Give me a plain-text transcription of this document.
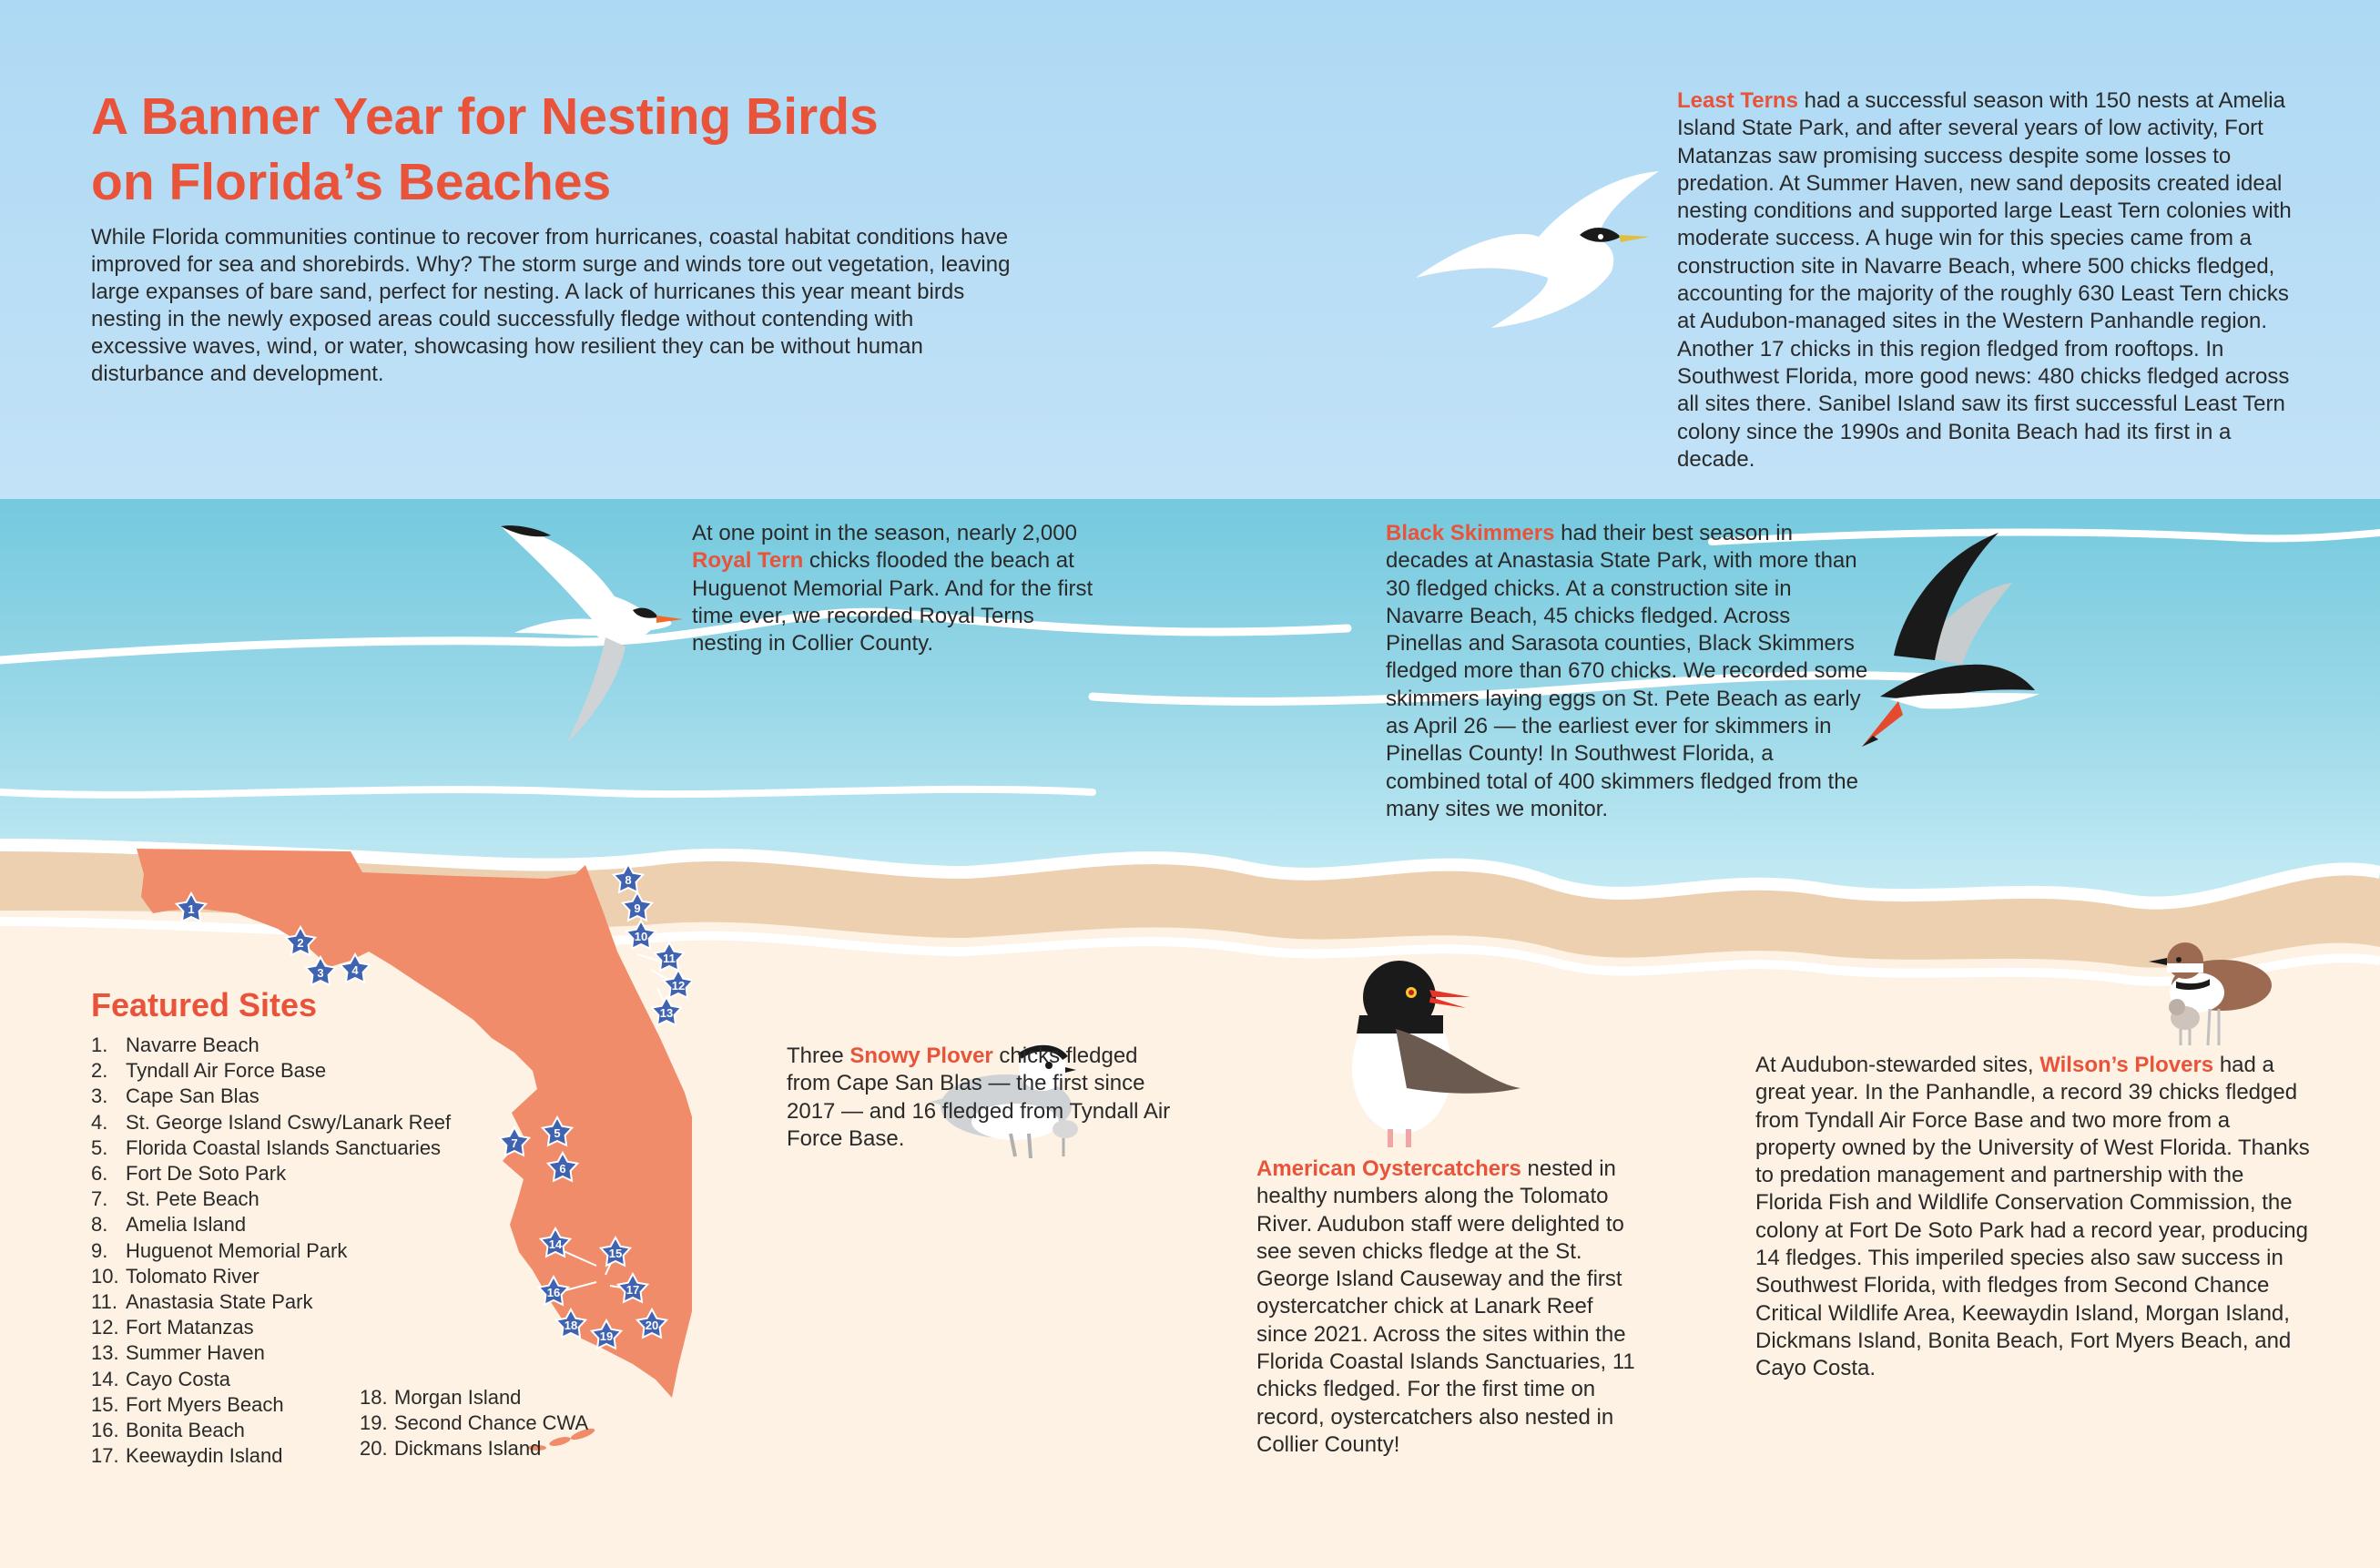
1
2
3 4
5
6
7
8
9
10
11
12
13
14
15
16	17
18
19
20
A Banner Year for Nesting Birds
on Florida’s Beaches

While Florida communities continue to recover from hurricanes, coastal habitat conditions have improved for sea and shorebirds. Why? The storm surge and winds tore out vegetation, leaving large expanses of bare sand, perfect for nesting. A lack of hurricanes this year meant birds nesting in the newly exposed areas could successfully fledge without contending with excessive waves, wind, or water, showcasing how resilient they can be without human disturbance and development.

Least Terns had a successful season with 150 nests at Amelia Island State Park, and after several years of low activity, Fort Matanzas saw promising success despite some losses to predation. At Summer Haven, new sand deposits created ideal nesting conditions and supported large Least Tern colonies with moderate success. A huge win for this species came from a construction site in Navarre Beach, where 500 chicks fledged, accounting for the majority of the roughly 630 Least Tern chicks at Audubon-managed sites in the Western Panhandle region. Another 17 chicks in this region fledged from rooftops. In Southwest Florida, more good news: 480 chicks fledged across all sites there. Sanibel Island saw its first successful Least Tern colony since the 1990s and Bonita Beach had its first in a decade.

At one point in the season, nearly 2,000 Royal Tern chicks flooded the beach at Huguenot Memorial Park. And for the first time ever, we recorded Royal Terns nesting in Collier County.

Black Skimmers had their best season in decades at Anastasia State Park, with more than 30 fledged chicks. At a construction site in Navarre Beach, 45 chicks fledged. Across Pinellas and Sarasota counties, Black Skimmers fledged more than 670 chicks. We recorded some skimmers laying eggs on St. Pete Beach as early as April 26 — the earliest ever for skimmers in Pinellas County! In Southwest Florida, a combined total of 400 skimmers fledged from the many sites we monitor.

Three Snowy Plover chicks fledged from Cape San Blas — the first since 2017 — and 16 fledged from Tyndall Air Force Base.

American Oystercatchers nested in healthy numbers along the Tolomato River. Audubon staff were delighted to see seven chicks fledge at the St. George Island Causeway and the first oystercatcher chick at Lanark Reef since 2021. Across the sites within the Florida Coastal Islands Sanctuaries, 11 chicks fledged. For the first time on record, oystercatchers also nested in Collier County!

At Audubon-stewarded sites, Wilson’s Plovers had a great year. In the Panhandle, a record 39 chicks fledged from Tyndall Air Force Base and two more from a property owned by the University of West Florida. Thanks to predation management and partnership with the Florida Fish and Wildlife Conservation Commission, the colony at Fort De Soto Park had a record year, producing 14 fledges. This imperiled species also saw success in Southwest Florida, with fledges from Second Chance Critical Wildlife Area, Keewaydin Island, Morgan Island, Dickmans Island, Bonita Beach, Fort Myers Beach, and Cayo Costa.

Featured Sites
1. Navarre Beach
2. Tyndall Air Force Base
3. Cape San Blas
4. St. George Island Cswy/Lanark Reef
5. Florida Coastal Islands Sanctuaries
6. Fort De Soto Park
7. St. Pete Beach
8. Amelia Island
9. Huguenot Memorial Park
10. Tolomato River
11. Anastasia State Park
12. Fort Matanzas
13. Summer Haven
14. Cayo Costa
15. Fort Myers Beach
16. Bonita Beach
17. Keewaydin Island
18. Morgan Island
19. Second Chance CWA
20. Dickmans Island
